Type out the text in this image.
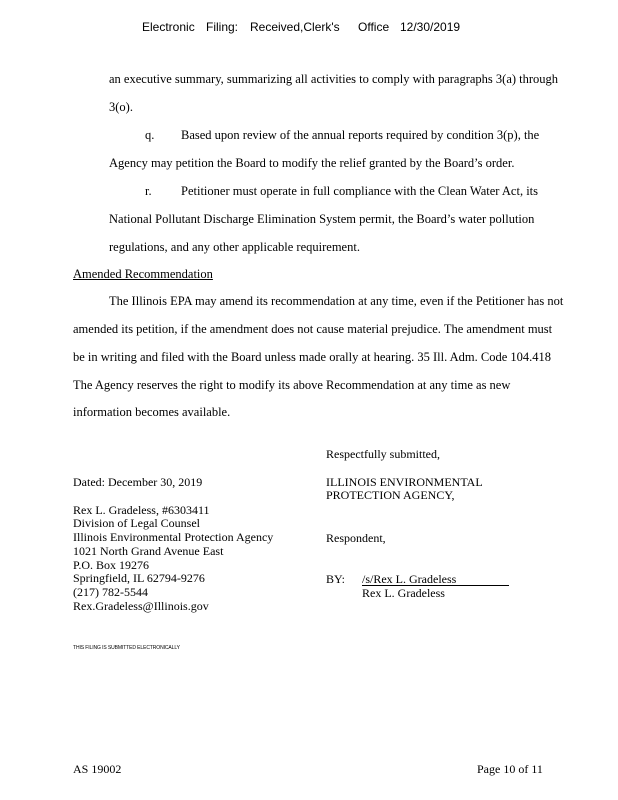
Electronic Filing: Received,Clerk's Office 12/30/2019
an executive summary, summarizing all activities to comply with paragraphs 3(a) through
3(o).
q. Based upon review of the annual reports required by condition 3(p), the
Agency may petition the Board to modify the relief granted by the Board’s order.
r. Petitioner must operate in full compliance with the Clean Water Act, its
National Pollutant Discharge Elimination System permit, the Board’s water pollution
regulations, and any other applicable requirement.
Amended Recommendation
The Illinois EPA may amend its recommendation at any time, even if the Petitioner has not
amended its petition, if the amendment does not cause material prejudice. The amendment must
be in writing and filed with the Board unless made orally at hearing. 35 Ill. Adm. Code 104.418
The Agency reserves the right to modify its above Recommendation at any time as new
information becomes available.
Respectfully submitted,
ILLINOIS ENVIRONMENTAL
PROTECTION AGENCY,
Respondent,
BY: /s/Rex L. Gradeless
Rex L. Gradeless
Dated: December 30, 2019
Rex L. Gradeless, #6303411
Division of Legal Counsel
Illinois Environmental Protection Agency
1021 North Grand Avenue East
P.O. Box 19276
Springfield, IL 62794-9276
(217) 782-5544
Rex.Gradeless@Illinois.gov
THIS FILING IS SUBMITTED ELECTRONICALLY
AS 19002	Page 10 of 11
